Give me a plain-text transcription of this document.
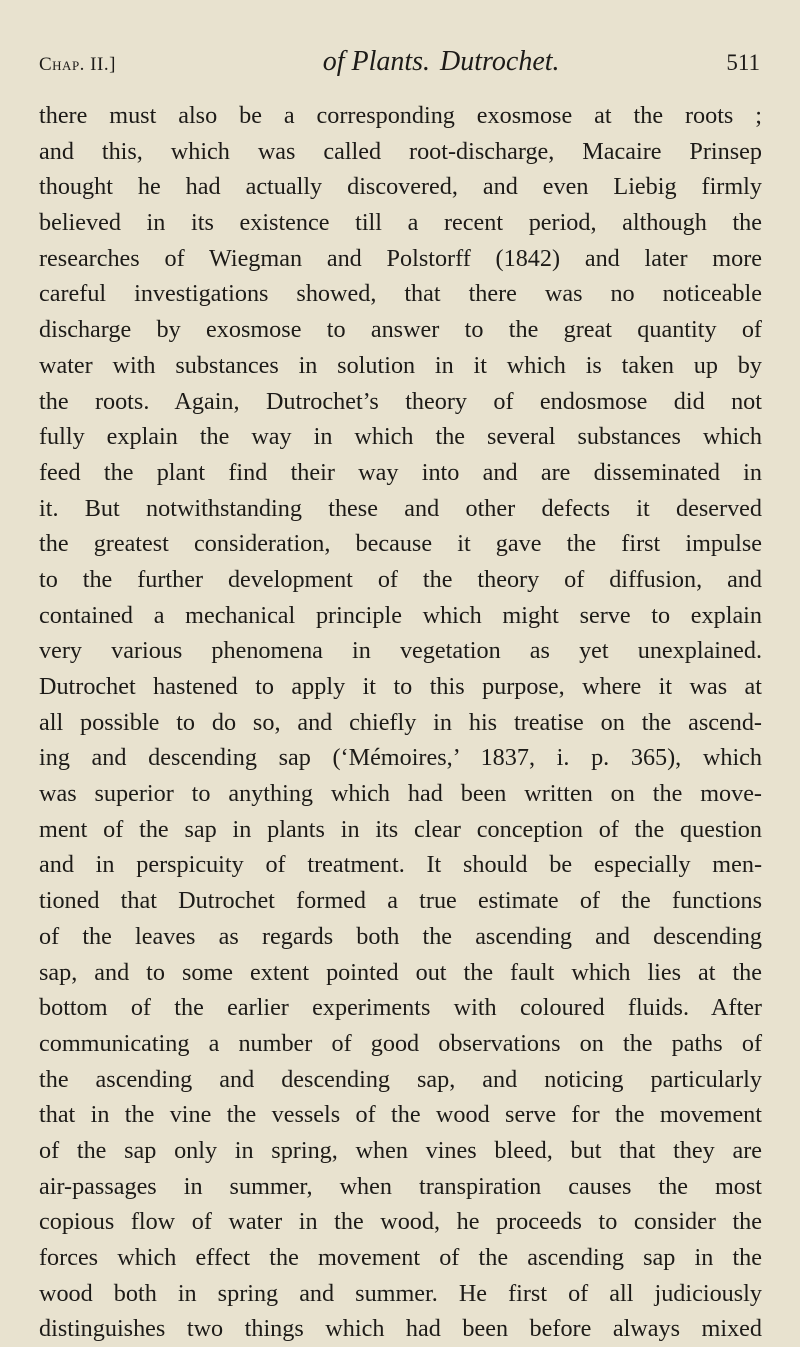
Chap. II.]	of Plants. Dutrochet.	511
there must also be a corresponding exosmose at the roots ;
and this, which was called root-discharge, Macaire Prinsep
thought he had actually discovered, and even Liebig firmly
believed in its existence till a recent period, although the
researches of Wiegman and Polstorff (1842) and later more
careful investigations showed, that there was no noticeable
discharge by exosmose to answer to the great quantity of
water with substances in solution in it which is taken up by
the roots. Again, Dutrochet’s theory of endosmose did not
fully explain the way in which the several substances which
feed the plant find their way into and are disseminated in
it. But notwithstanding these and other defects it deserved
the greatest consideration, because it gave the first impulse
to the further development of the theory of diffusion, and
contained a mechanical principle which might serve to explain
very various phenomena in vegetation as yet unexplained.
Dutrochet hastened to apply it to this purpose, where it was at
all possible to do so, and chiefly in his treatise on the ascend-
ing and descending sap (‘Mémoires,’ 1837, i. p. 365), which
was superior to anything which had been written on the move-
ment of the sap in plants in its clear conception of the question
and in perspicuity of treatment. It should be especially men-
tioned that Dutrochet formed a true estimate of the functions
of the leaves as regards both the ascending and descending
sap, and to some extent pointed out the fault which lies at the
bottom of the earlier experiments with coloured fluids. After
communicating a number of good observations on the paths of
the ascending and descending sap, and noticing particularly
that in the vine the vessels of the wood serve for the movement
of the sap only in spring, when vines bleed, but that they are
air-passages in summer, when transpiration causes the most
copious flow of water in the wood, he proceeds to consider the
forces which effect the movement of the ascending sap in the
wood both in spring and summer. He first of all judiciously
distinguishes two things which had been before always mixed
